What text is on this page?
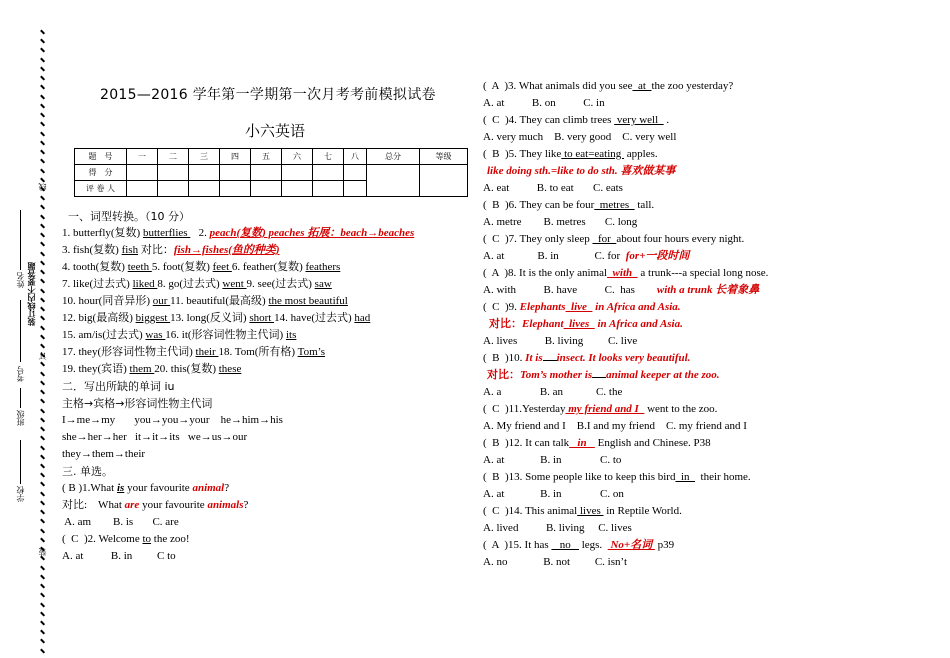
姓名 装订线内不要答题
线
考号
订
班级
学校
装
2015—2016 学年第一学期第一次月考考前模拟试卷
小六英语
题　号	一	二	三	四	五	六	七	八	总分	等级
得　分										
评 卷 人										
一、词型转换。（10 分）
1. butterfly(复数) butterflies    2. peach(复数) peaches 拓展：beach→beaches
3. fish(复数) fish 对比：fish→fishes(鱼的种类)
4. tooth(复数) teeth 5. foot(复数) feet 6. feather(复数) feathers
7. like(过去式) liked 8. go(过去式) went 9. see(过去式) saw
10. hour(同音异形) our 11. beautiful(最高级) the most beautiful
12. big(最高级) biggest 13. long(反义词) short 14. have(过去式) had
15. am/is(过去式) was 16. it(形容词性物主代词) its
17. they(形容词性物主代词) their 18. Tom(所有格) Tom’s
19. they(宾语) them 20. this(复数) these
二．写出所缺的单词 iu
主格→宾格→形容词性物主代词
I→me→my       you→you→your    he→him→his
she→her→her   it→it→its   we→us→our
they→them→their
三. 单选。
( B )1.What is your favourite animal?
对比:    What are your favourite animals?
A. am        B. is       C. are
(  C  )2. Welcome to the zoo!
A. at          B. in         C to
(  A  )3. What animals did you see  at  the zoo yesterday?
A. at          B. on          C. in
(  C  )4. They can climb trees  very well   .
A. very much    B. very good    C. very well
(  B  )5. They like to eat=eating  apples.
like doing sth.=like to do sth. 喜欢做某事
A. eat          B. to eat       C. eats
(  B  )6. They can be four  metres   tall.
A. metre        B. metres       C. long
(  C  )7. They only sleep   for  about four hours every night.
A. at            B. in             C. for  for+一段时间
(  A  )8. It is the only animal  with   a trunk---a special long nose.
A. with          B. have          C.  has        with a trunk 长着象鼻
(  C  )9. Elephants  live   in Africa and Asia.
对比：Elephant  lives   in Africa and Asia.
A. lives          B. living         C. live
(  B  )10. It is insect. It looks very beautiful.
对比：Tom’s mother is animal keeper at the zoo.
A. a              B. an            C. the
(  C  )11.Yesterday my friend and I   went to the zoo.
A. My friend and I    B.I and my friend    C. my friend and I
(  B  )12. It can talk   in    English and Chinese. P38
A. at             B. in              C. to
(  B  )13. Some people like to keep this bird  in    their home.
A. at             B. in              C. on
(  C  )14. This animal lives  in Reptile World.
A. lived          B. living     C. lives
(  A  )15. It has    no    legs.   No+名词  p39
A. no             B. not         C. isn’t
